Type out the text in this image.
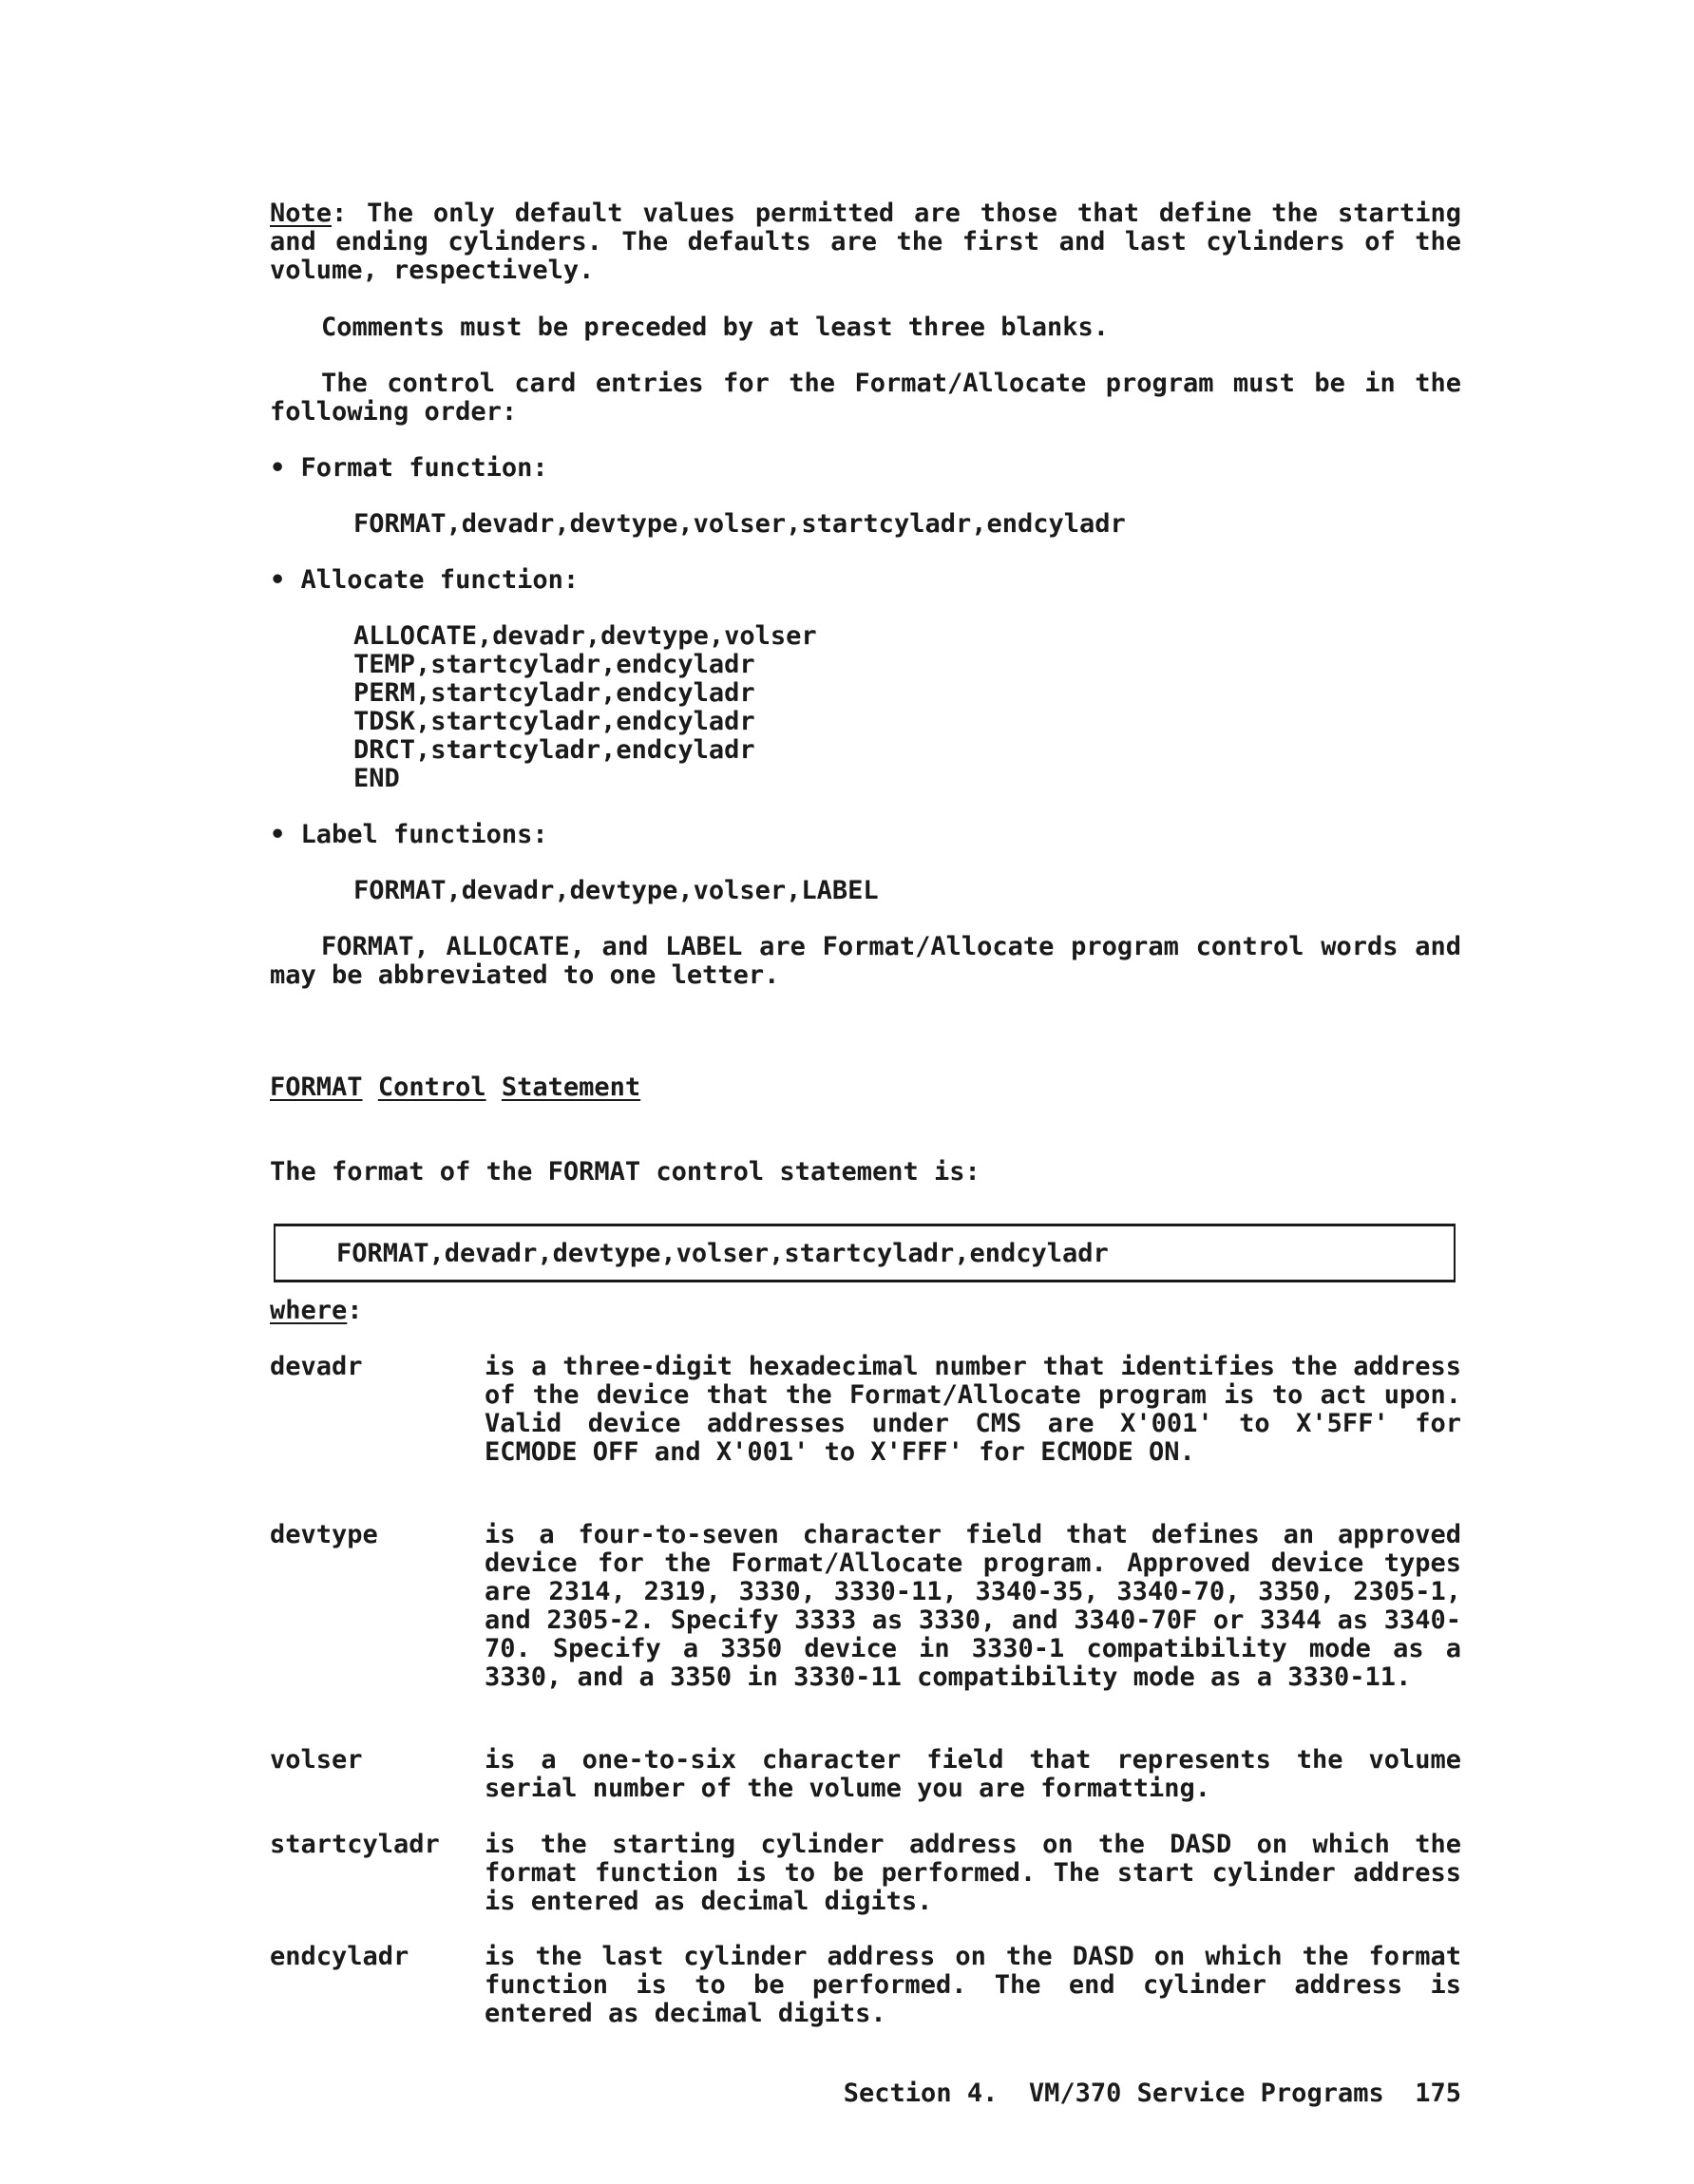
Note: The only default values permitted are those that define the starting and ending cylinders. The defaults are the first and last cylinders of the volume, respectively.

Comments must be preceded by at least three blanks.

The control card entries for the Format/Allocate program must be in the following order:

• Format function:
FORMAT,devadr,devtype,volser,startcyladr,endcyladr
• Allocate function:
ALLOCATE,devadr,devtype,volser
TEMP,startcyladr,endcyladr
PERM,startcyladr,endcyladr
TDSK,startcyladr,endcyladr
DRCT,startcyladr,endcyladr
END
• Label functions:
FORMAT,devadr,devtype,volser,LABEL

FORMAT, ALLOCATE, and LABEL are Format/Allocate program control words and may be abbreviated to one letter.

FORMAT Control Statement
The format of the FORMAT control statement is:
FORMAT,devadr,devtype,volser,startcyladr,endcyladr
where:
devadr	is a three-digit hexadecimal number that identifies the address of the device that the Format/Allocate program is to act upon. Valid device addresses under CMS are X'001' to X'5FF' for ECMODE OFF and X'001' to X'FFF' for ECMODE ON.

devtype	is a four-to-seven character field that defines an approved device for the Format/Allocate program. Approved device types are 2314, 2319, 3330, 3330-11, 3340-35, 3340-70, 3350, 2305-1, and 2305-2. Specify 3333 as 3330, and 3340-70F or 3344 as 3340-70. Specify a 3350 device in 3330-1 compatibility mode as a 3330, and a 3350 in 3330-11 compatibility mode as a 3330-11.

volser	is a one-to-six character field that represents the volume serial number of the volume you are formatting.

startcyladr is the starting cylinder address on the DASD on which the format function is to be performed. The start cylinder address is entered as decimal digits.

endcyladr	is the last cylinder address on the DASD on which the format function is to be performed. The end cylinder address is entered as decimal digits.

Section 4.  VM/370 Service Programs  175
